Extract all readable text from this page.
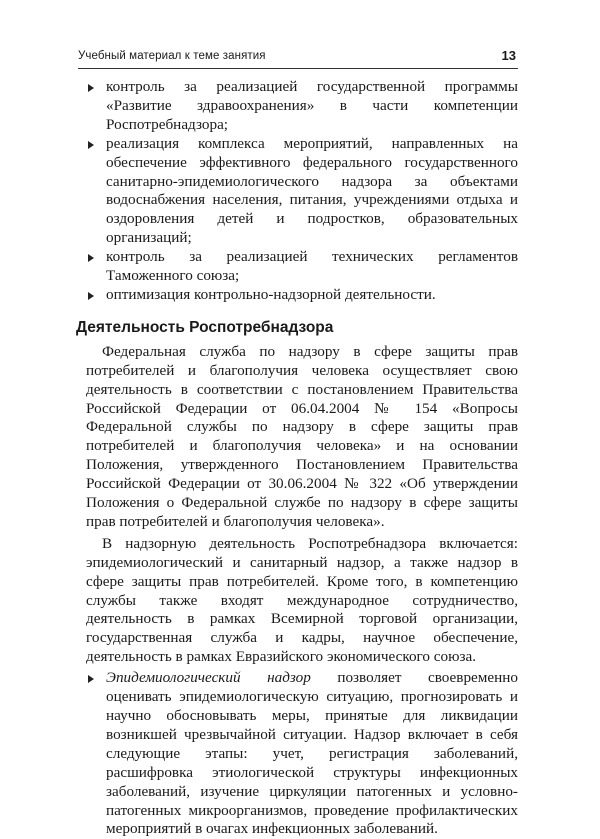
Учебный материал к теме занятия	13
контроль за реализацией государственной программы «Развитие здравоохранения» в части компетенции Роспотребнадзора;
реализация комплекса мероприятий, направленных на обеспечение эффективного федерального государственного санитарно-эпидемиологического надзора за объектами водоснабжения населения, питания, учреждениями отдыха и оздоровления детей и подростков, образовательных организаций;
контроль за реализацией технических регламентов Таможенного союза;
оптимизация контрольно-надзорной деятельности.
Деятельность Роспотребнадзора

Федеральная служба по надзору в сфере защиты прав потребителей и благополучия человека осуществляет свою деятельность в соответствии с постановлением Правительства Российской Федерации от 06.04.2004 № 154 «Вопросы Федеральной службы по надзору в сфере защиты прав потребителей и благополучия человека» и на основании Положения, утвержденного Постановлением Правительства Российской Федерации от 30.06.2004 № 322 «Об утверждении Положения о Федеральной службе по надзору в сфере защиты прав потребителей и благополучия человека».

В надзорную деятельность Роспотребнадзора включается: эпидемиологический и санитарный надзор, а также надзор в сфере защиты прав потребителей. Кроме того, в компетенцию службы также входят международное сотрудничество, деятельность в рамках Всемирной торговой организации, государственная служба и кадры, научное обеспечение, деятельность в рамках Евразийского экономического союза.

Эпидемиологический надзор позволяет своевременно оценивать эпидемиологическую ситуацию, прогнозировать и научно обосновывать меры, принятые для ликвидации возникшей чрезвычайной ситуации. Надзор включает в себя следующие этапы: учет, регистрация заболеваний, расшифровка этиологической структуры инфекционных заболеваний, изучение циркуляции патогенных и условно-патогенных микроорганизмов, проведение профилактических мероприятий в очагах инфекционных заболеваний.
